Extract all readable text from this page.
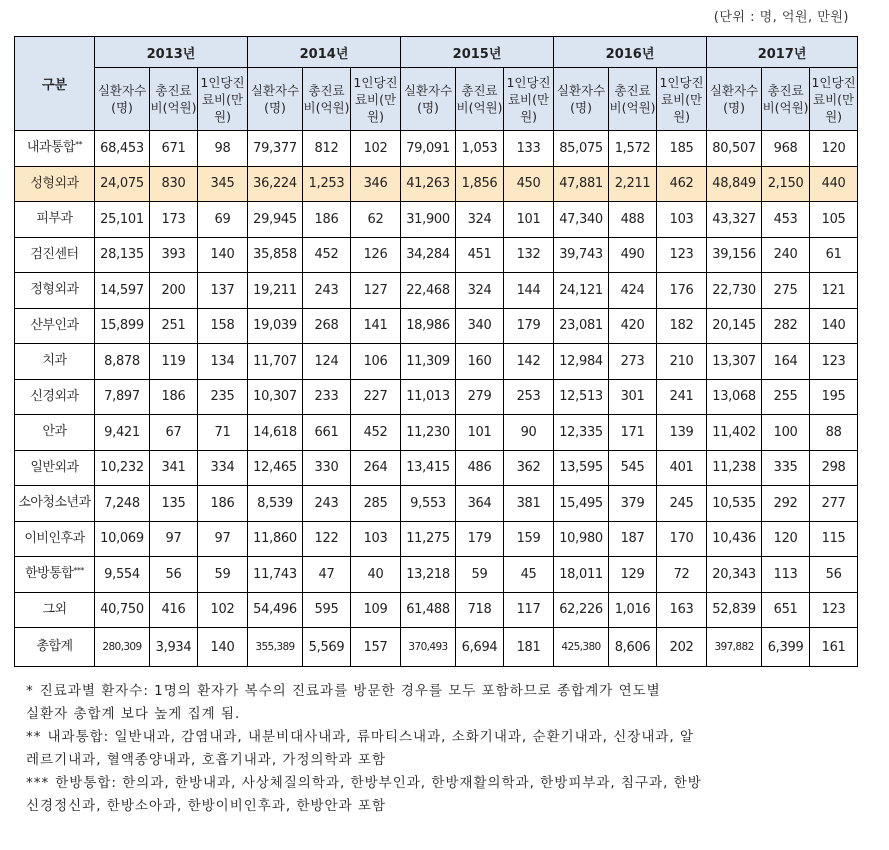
(단위 : 명, 억원, 만원)
구분	2013년			2014년			2015년			2016년			2017년		
	실환자수(명)	총진료비(억원)	1인당진료비(만원)	실환자수(명)	총진료비(억원)	1인당진료비(만원)	실환자수(명)	총진료비(억원)	1인당진료비(만원)	실환자수(명)	총진료비(억원)	1인당진료비(만원)	실환자수(명)	총진료비(억원)	1인당진료비(만원)
내과통합**	68,453	671	98	79,377	812	102	79,091	1,053	133	85,075	1,572	185	80,507	968	120
성형외과	24,075	830	345	36,224	1,253	346	41,263	1,856	450	47,881	2,211	462	48,849	2,150	440
피부과	25,101	173	69	29,945	186	62	31,900	324	101	47,340	488	103	43,327	453	105
검진센터	28,135	393	140	35,858	452	126	34,284	451	132	39,743	490	123	39,156	240	61
정형외과	14,597	200	137	19,211	243	127	22,468	324	144	24,121	424	176	22,730	275	121
산부인과	15,899	251	158	19,039	268	141	18,986	340	179	23,081	420	182	20,145	282	140
치과	8,878	119	134	11,707	124	106	11,309	160	142	12,984	273	210	13,307	164	123
신경외과	7,897	186	235	10,307	233	227	11,013	279	253	12,513	301	241	13,068	255	195
안과	9,421	67	71	14,618	661	452	11,230	101	90	12,335	171	139	11,402	100	88
일반외과	10,232	341	334	12,465	330	264	13,415	486	362	13,595	545	401	11,238	335	298
소아청소년과	7,248	135	186	8,539	243	285	9,553	364	381	15,495	379	245	10,535	292	277
이비인후과	10,069	97	97	11,860	122	103	11,275	179	159	10,980	187	170	10,436	120	115
한방통합***	9,554	56	59	11,743	47	40	13,218	59	45	18,011	129	72	20,343	113	56
그외	40,750	416	102	54,496	595	109	61,488	718	117	62,226	1,016	163	52,839	651	123
총합계	280,309	3,934	140	355,389	5,569	157	370,493	6,694	181	425,380	8,606	202	397,882	6,399	161
* 진료과별 환자수: 1명의 환자가 복수의 진료과를 방문한 경우를 모두 포함하므로 종합계가 연도별
실환자 총합계 보다 높게 집계 됨.
** 내과통합: 일반내과, 감염내과, 내분비대사내과, 류마티스내과, 소화기내과, 순환기내과, 신장내과, 알
레르기내과, 혈액종양내과, 호흡기내과, 가정의학과 포함
*** 한방통합: 한의과, 한방내과, 사상체질의학과, 한방부인과, 한방재활의학과, 한방피부과, 침구과, 한방
신경정신과, 한방소아과, 한방이비인후과, 한방안과 포함
